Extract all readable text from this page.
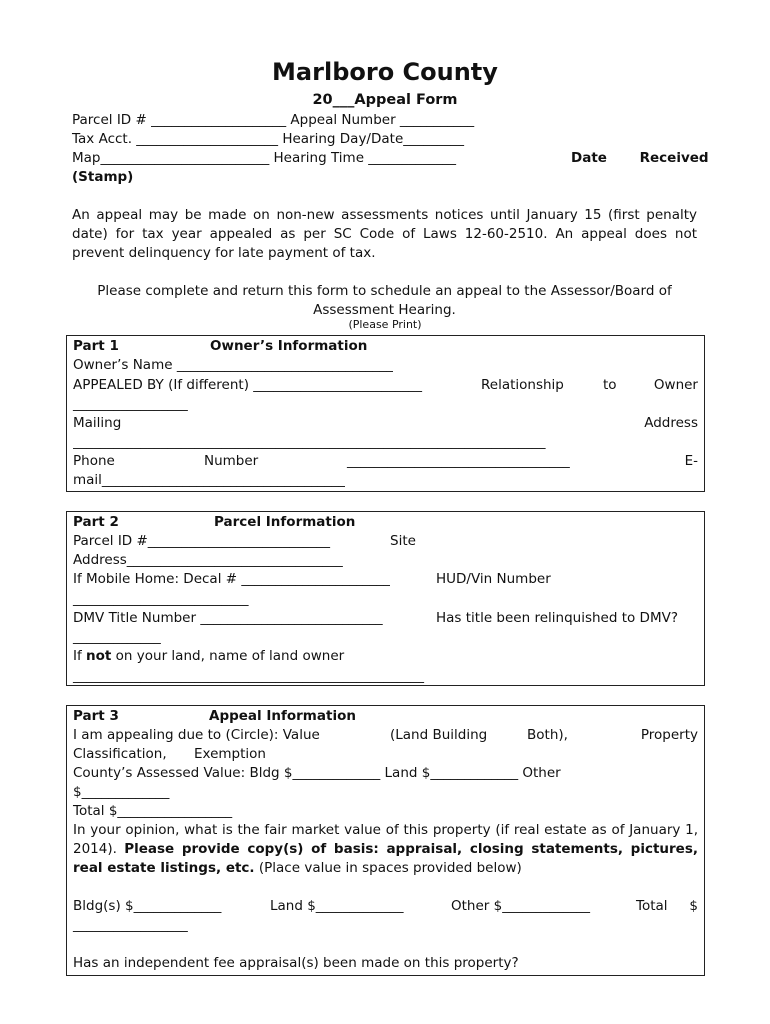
Marlboro County
20___Appeal Form
Parcel ID # ____________________ Appeal Number ___________
Tax Acct. _____________________ Hearing Day/Date_________
Map_________________________ Hearing Time _____________	Date Received
(Stamp)
An appeal may be made on non-new assessments notices until January 15 (first penalty date) for tax year appealed as per SC Code of Laws 12-60-2510. An appeal does not prevent delinquency for late payment of tax.
Please complete and return this form to schedule an appeal to the Assessor/Board of Assessment Hearing.
(Please Print)
Part 1	Owner’s Information
Owner’s Name ________________________________
APPEALED BY (If different) _________________________	Relationship	to	Owner
_________________
Mailing	Address
______________________________________________________________________
Phone	Number	_________________________________	E-
mail____________________________________
Part 2	Parcel Information
Parcel ID #___________________________	Site
Address________________________________
If Mobile Home: Decal # ______________________	HUD/Vin Number
__________________________
DMV Title Number ___________________________	Has title been relinquished to DMV?
_____________
If not on your land, name of land owner
____________________________________________________
Part 3	Appeal Information
I am appealing due to (Circle): Value	(Land Building	Both),	Property
Classification, Exemption
County’s Assessed Value: Bldg $_____________ Land $_____________ Other
$_____________
Total $_________________
In your opinion, what is the fair market value of this property (if real estate as of January 1, 2014). Please provide copy(s) of basis: appraisal, closing statements, pictures, real estate listings, etc. (Place value in spaces provided below)
Bldg(s) $_____________	Land $_____________	Other $_____________	Total $
_________________
Has an independent fee appraisal(s) been made on this property?
